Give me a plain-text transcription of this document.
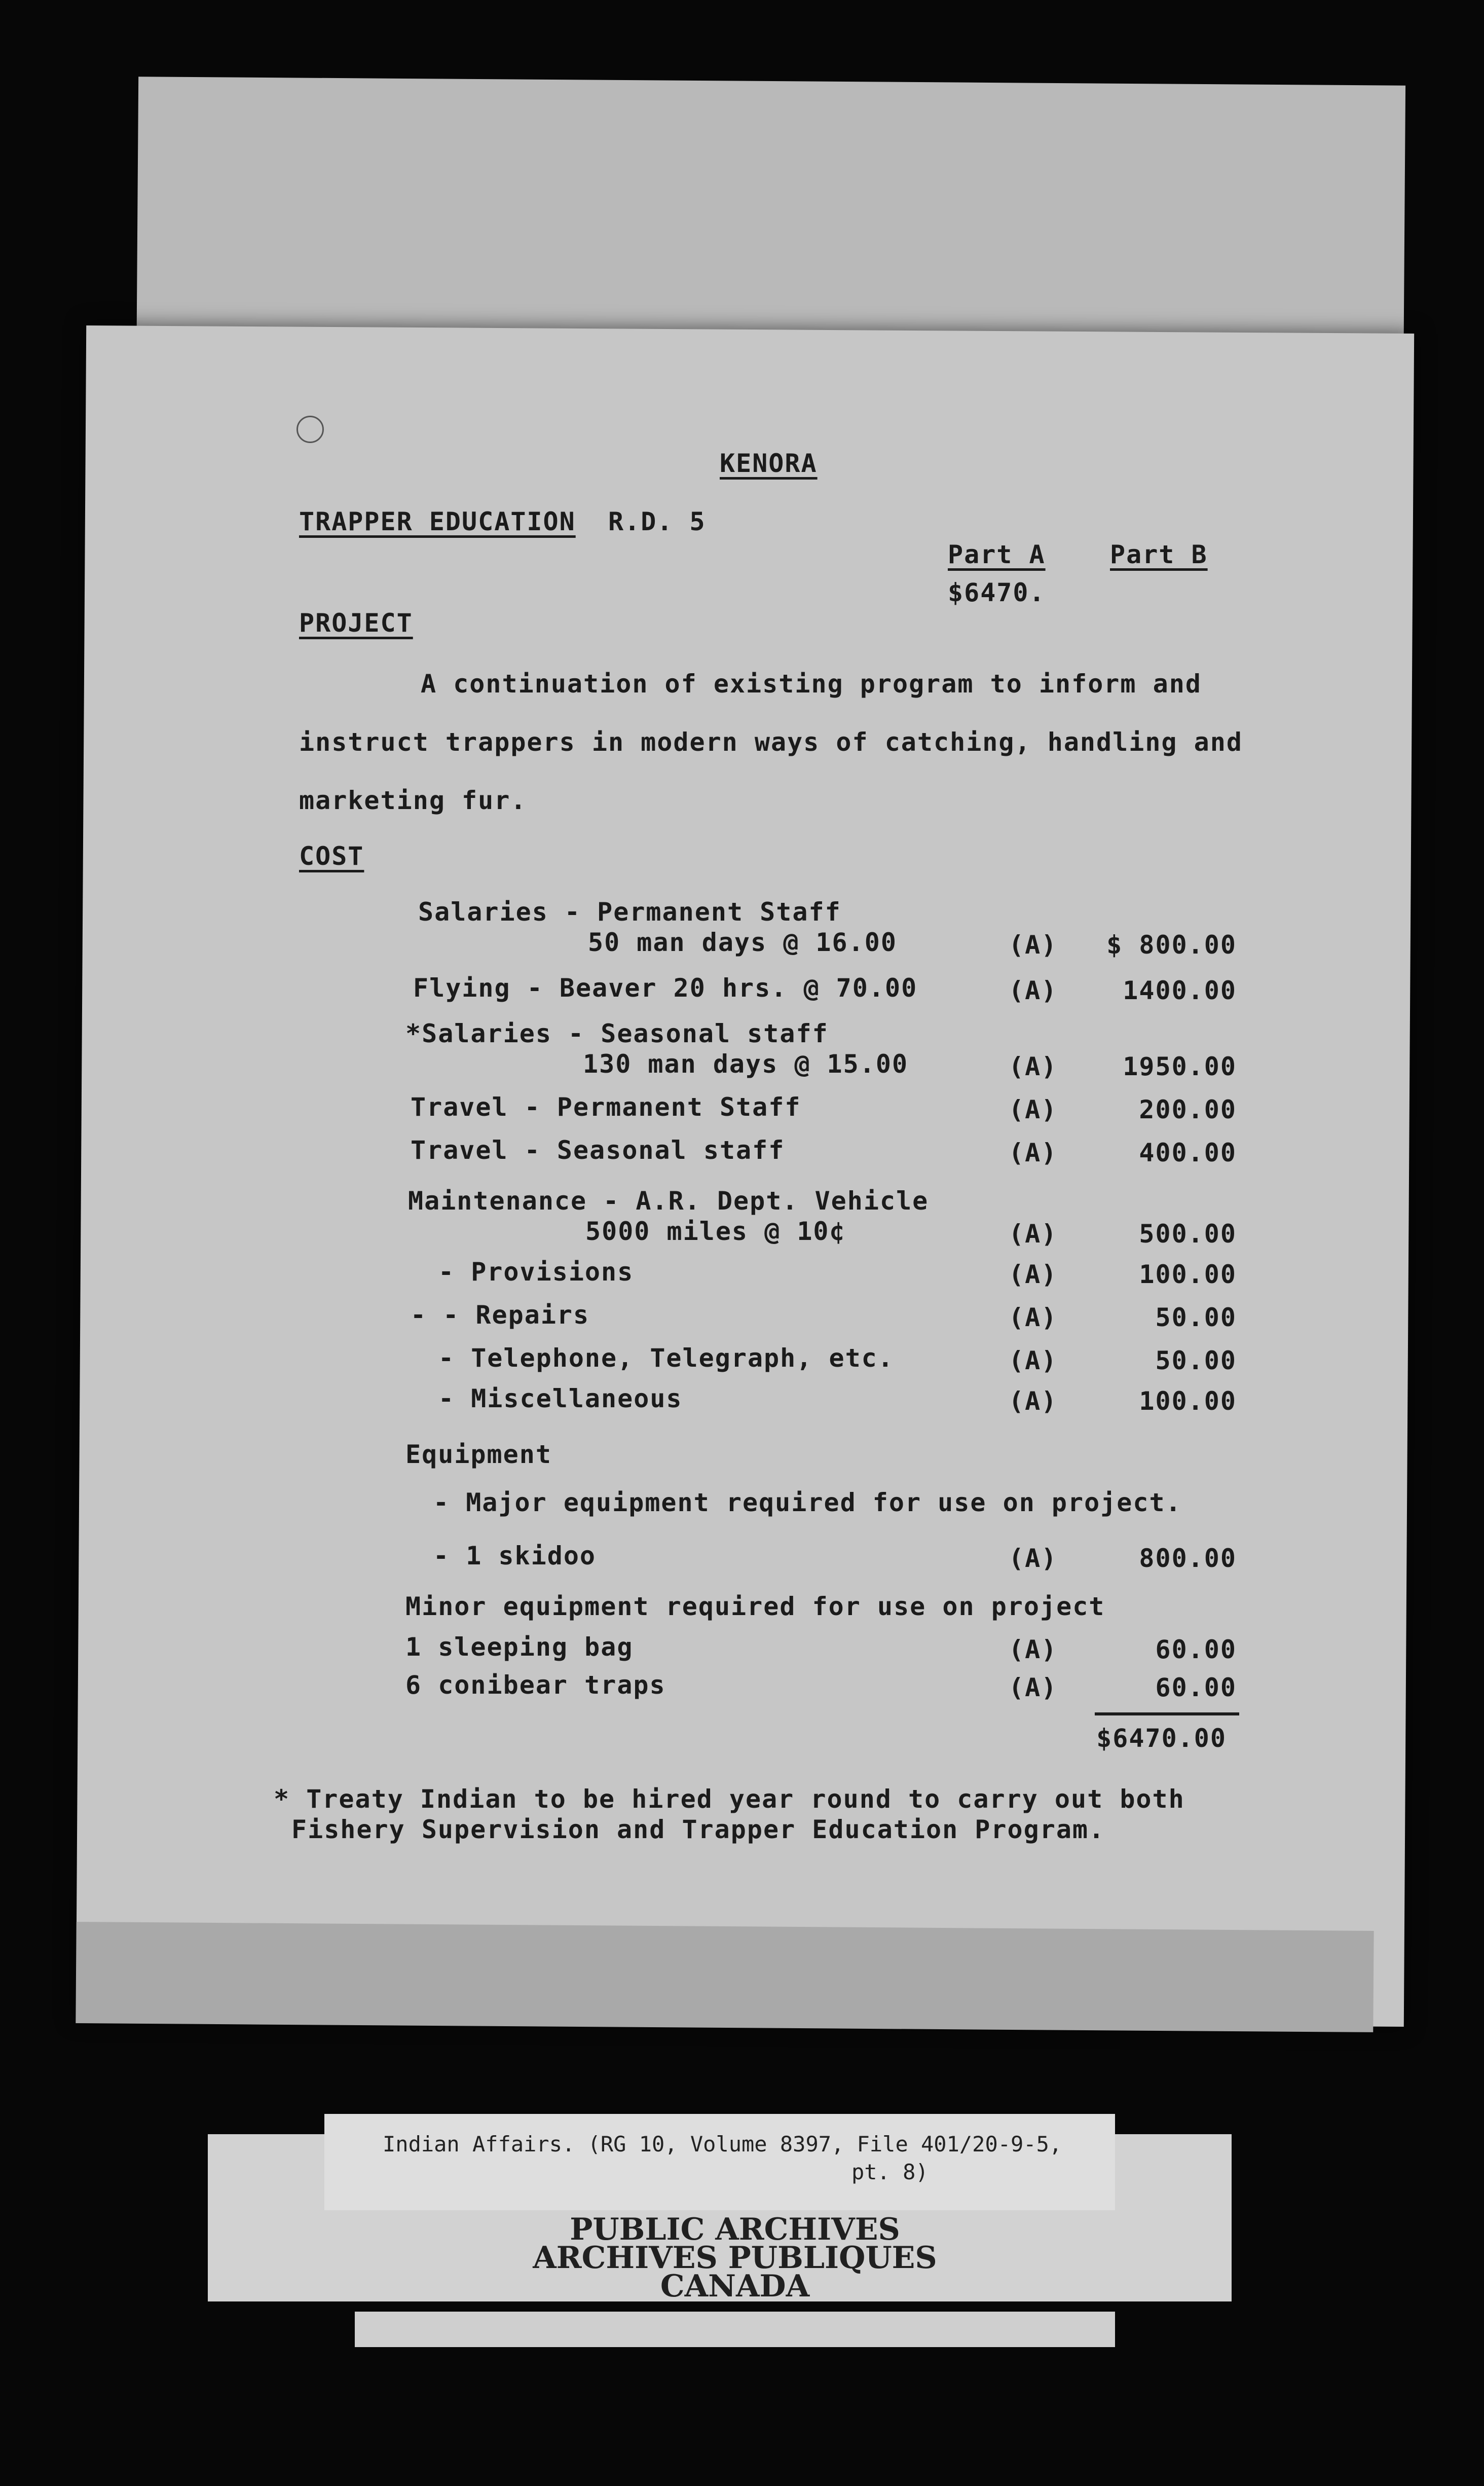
KENORA
TRAPPER EDUCATION R.D. 5
Part A	Part B
$6470.
PROJECT
A continuation of existing program to inform and
instruct trappers in modern ways of catching, handling and
marketing fur.
COST
Salaries - Permanent Staff
50 man days @ 16.00	(A)	$ 800.00
Flying - Beaver 20 hrs. @ 70.00	(A)	1400.00
*Salaries - Seasonal staff
130 man days @ 15.00	(A)	1950.00
Travel - Permanent Staff	(A)	200.00
Travel - Seasonal staff	(A)	400.00
Maintenance - A.R. Dept. Vehicle
5000 miles @ 10¢	(A)	500.00
- Provisions	(A)	100.00
- - Repairs	(A)	50.00
- Telephone, Telegraph, etc.	(A)	50.00
- Miscellaneous	(A)	100.00
Equipment
- Major equipment required for use on project.
- 1 skidoo	(A)	800.00
Minor equipment required for use on project
1 sleeping bag	(A)	60.00
6 conibear traps	(A)	60.00
$6470.00
* Treaty Indian to be hired year round to carry out both
Fishery Supervision and Trapper Education Program.
Indian Affairs. (RG 10, Volume 8397, File 401/20-9-5,
pt. 8)
PUBLIC ARCHIVES
ARCHIVES PUBLIQUES
CANADA
